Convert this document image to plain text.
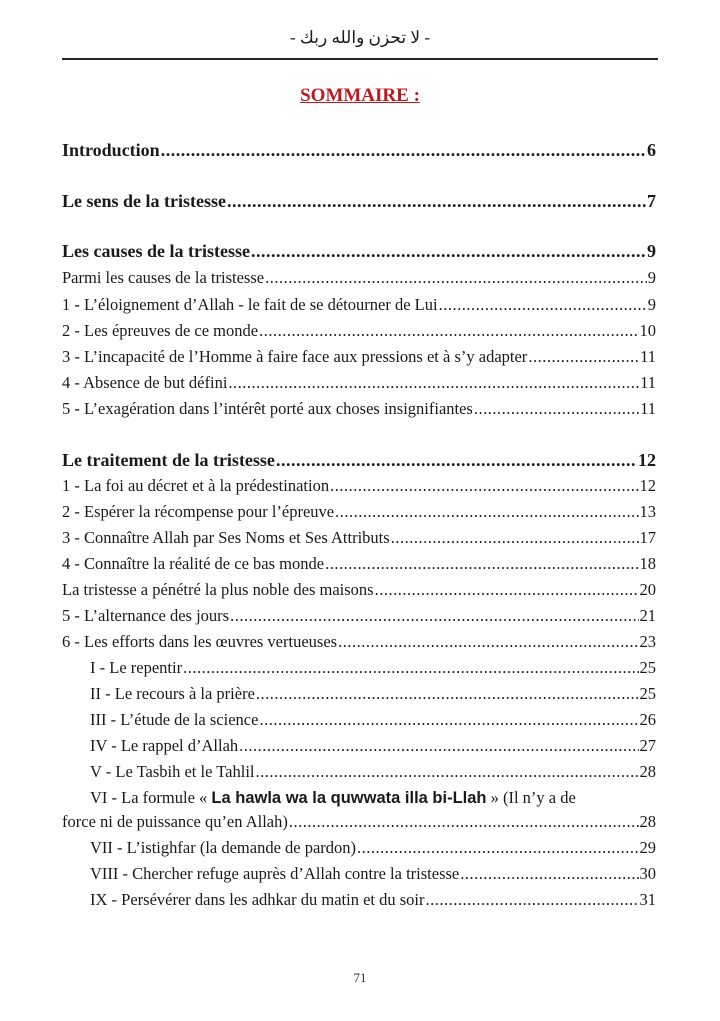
- لا تحزن والله ربك -
SOMMAIRE :
Introduction .....	6
Le sens de la tristesse .....	7
Les causes de la tristesse .....	9
Parmi les causes de la tristesse .....	9
1 - L’éloignement d’Allah - le fait de se détourner de Lui .....	9
2 - Les épreuves de ce monde .....	10
3 - L’incapacité de l’Homme à faire face aux pressions et à s’y adapter .....	11
4 - Absence de but défini .....	11
5 - L’exagération dans l’intérêt porté aux choses insignifiantes .....	11
Le traitement de la tristesse .....	12
1 - La foi au décret et à la prédestination .....	12
2 - Espérer la récompense pour l’épreuve .....	13
3 - Connaître Allah par Ses Noms et Ses Attributs .....	17
4 - Connaître la réalité de ce bas monde .....	18
La tristesse a pénétré la plus noble des maisons .....	20
5 - L’alternance des jours .....	21
6 - Les efforts dans les œuvres vertueuses .....	23
I - Le repentir .....	25
II - Le recours à la prière .....	25
III - L’étude de la science .....	26
IV - Le rappel d’Allah .....	27
V - Le Tasbih et le Tahlil .....	28
VI - La formule « La hawla wa la quwwata illa bi-Llah » (Il n’y a de
force ni de puissance qu’en Allah) .....	28
VII - L’istighfar (la demande de pardon) .....	29
VIII - Chercher refuge auprès d’Allah contre la tristesse .....	30
IX - Persévérer dans les adhkar du matin et du soir .....	31
71
